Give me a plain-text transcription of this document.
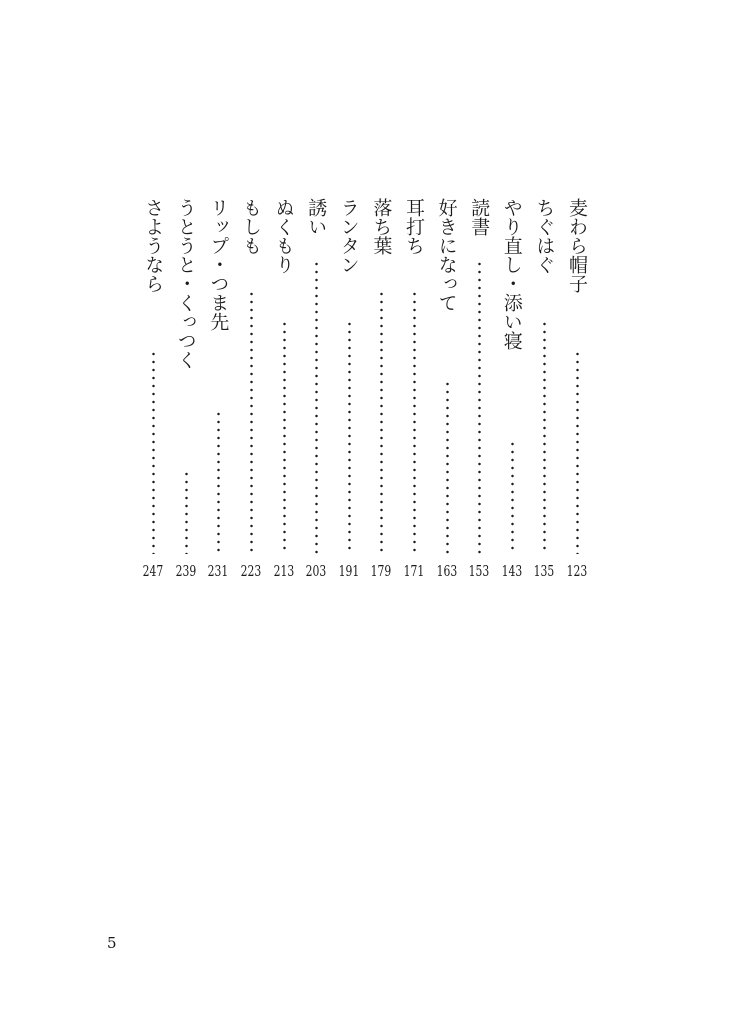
麦わら帽子
123
ちぐはぐ
135
やり直し・添い寝
143
読書
153
好きになって
163
耳打ち
171
落ち葉
179
ランタン
191
誘い
203
ぬくもり
213
もしも
223
リップ・つま先
231
うとうと・くっつく
239
さようなら
247
5
